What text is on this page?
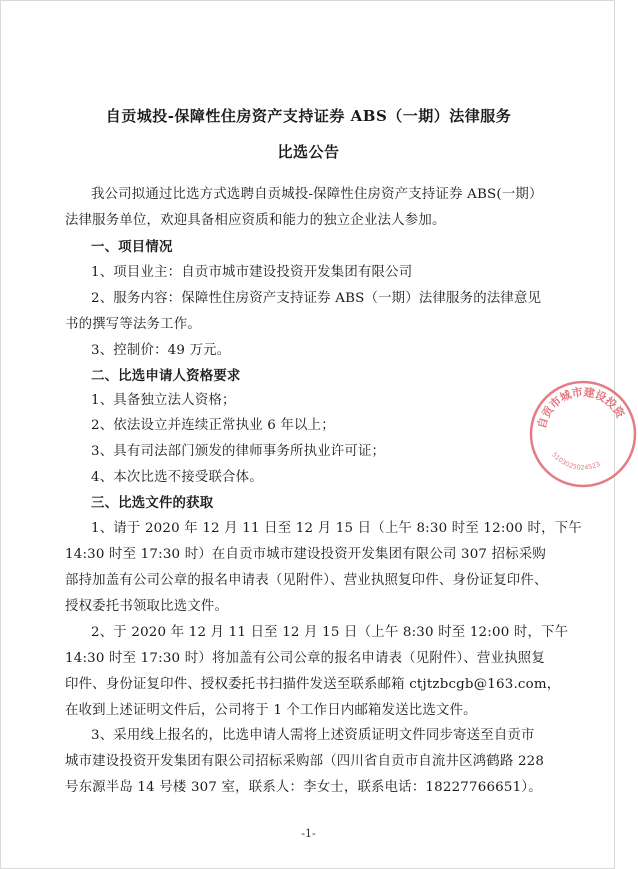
自贡城投-保障性住房资产支持证券 ABS（一期）法律服务
比选公告
我公司拟通过比选方式选聘自贡城投-保障性住房资产支持证券 ABS(一期）
法律服务单位，欢迎具备相应资质和能力的独立企业法人参加。
一、项目情况
1、项目业主：自贡市城市建设投资开发集团有限公司
2、服务内容：保障性住房资产支持证券 ABS（一期）法律服务的法律意见
书的撰写等法务工作。
3、控制价：49 万元。
二、比选申请人资格要求
1、具备独立法人资格；
2、依法设立并连续正常执业 6 年以上；
3、具有司法部门颁发的律师事务所执业许可证；
4、本次比选不接受联合体。
三、比选文件的获取
1、请于 2020 年 12 月 11 日至 12 月 15 日（上午 8:30 时至 12:00 时，下午
14:30 时至 17:30 时）在自贡市城市建设投资开发集团有限公司 307 招标采购
部持加盖有公司公章的报名申请表（见附件）、营业执照复印件、身份证复印件、
授权委托书领取比选文件。
2、于 2020 年 12 月 11 日至 12 月 15 日（上午 8:30 时至 12:00 时，下午
14:30 时至 17:30 时）将加盖有公司公章的报名申请表（见附件）、营业执照复
印件、身份证复印件、授权委托书扫描件发送至联系邮箱 ctjtzbcgb@163.com，
在收到上述证明文件后，公司将于 1 个工作日内邮箱发送比选文件。
3、采用线上报名的，比选申请人需将上述资质证明文件同步寄送至自贡市
城市建设投资开发集团有限公司招标采购部（四川省自贡市自流井区鸿鹤路 228
号东源半岛 14 号楼 307 室，联系人：李女士，联系电话：18227766651）。
-1-
自贡市城市建设投资
5103025024523
